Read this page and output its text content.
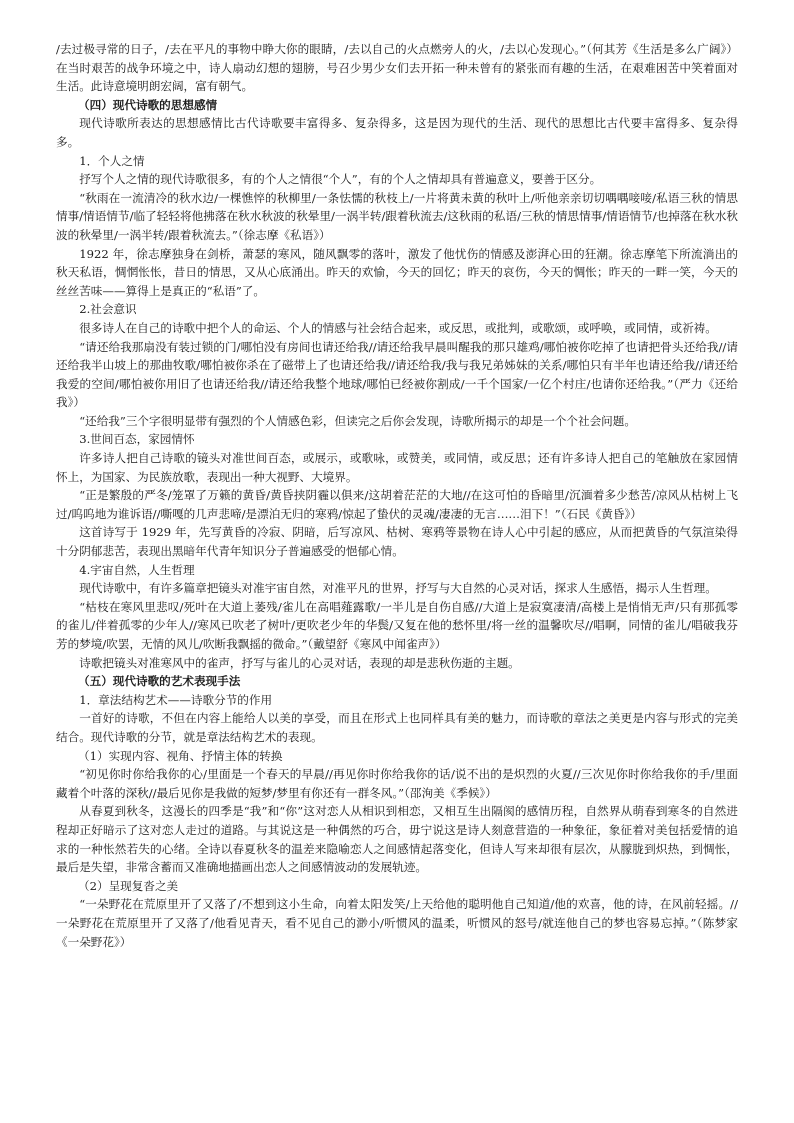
/去过极寻常的日子，/去在平凡的事物中睁大你的眼睛，/去以自己的火点燃旁人的火，/去以心发现心。”（何其芳《生活是多么广阔》）在当时艰苦的战争环境之中，诗人扇动幻想的翅膀，号召少男少女们去开拓一种未曾有的紧张而有趣的生活，在艰难困苦中笑着面对生活。此诗意境明朗宏阔，富有朝气。

（四）现代诗歌的思想感情

现代诗歌所表达的思想感情比古代诗歌要丰富得多、复杂得多，这是因为现代的生活、现代的思想比古代要丰富得多、复杂得多。

1．个人之情

抒写个人之情的现代诗歌很多，有的个人之情很“个人”，有的个人之情却具有普遍意义，要善于区分。

“秋雨在一流清冷的秋水边/一棵憔悴的秋柳里/一条怯懦的秋枝上/一片将黄未黄的秋叶上/听他亲亲切切喁喁唼唼/私语三秋的情思情事/情语情节/临了轻轻将他拂落在秋水秋波的秋晕里/一涡半转/跟着秋流去/这秋雨的私语/三秋的情思情事/情语情节/也掉落在秋水秋波的秋晕里/一涡半转/跟着秋流去。”（徐志摩《私语》）

1922 年，徐志摩独身在剑桥，萧瑟的寒风，随风飘零的落叶，激发了他忧伤的情感及澎湃心田的狂潮。徐志摩笔下所流淌出的秋天私语，惆惘怅怅，昔日的情思，又从心底涌出。昨天的欢愉，今天的回忆；昨天的哀伤，今天的惆怅；昨天的一畔一笑，今天的丝丝苦味——算得上是真正的“私语”了。

2.社会意识

很多诗人在自己的诗歌中把个人的命运、个人的情感与社会结合起来，或反思，或批判，或歌颂，或呼唤，或同情，或祈祷。

“请还给我那扇没有装过锁的门/哪怕没有房间也请还给我//请还给我早晨叫醒我的那只雄鸡/哪怕被你吃掉了也请把骨头还给我//请还给我半山坡上的那曲牧歌/哪怕被你杀在了磁带上了也请还给我//请还给我/我与我兄弟姊妹的关系/哪怕只有半年也请还给我//请还给我爱的空间/哪怕被你用旧了也请还给我//请还给我整个地球/哪怕已经被你割成/一千个国家/一亿个村庄/也请你还给我。”（严力《还给我》）

“还给我”三个字很明显带有强烈的个人情感色彩，但读完之后你会发现，诗歌所揭示的却是一个个社会问题。

3.世间百态，家园情怀

许多诗人把自己诗歌的镜头对准世间百态，或展示，或歌咏，或赞美，或同情，或反思；还有许多诗人把自己的笔触放在家园情怀上，为国家、为民族放歌，表现出一种大视野、大境界。

“正是繁殷的严冬/笼罩了万籁的黄昏/黄昏挟阴霾以俱来/这胡着茫茫的大地//在这可怕的昏暗里/沉湎着多少愁苦/凉风从枯树上飞过/呜呜地为谁诉语//嘶嘎的几声悲啼/是漂泊无归的寒鸦/惊起了蛰伏的灵魂/凄凄的无言……泪下！”（石民《黄昏》）

这首诗写于 1929 年，先写黄昏的冷寂、阴暗，后写凉风、枯树、寒鸦等景物在诗人心中引起的感应，从而把黄昏的气氛渲染得十分阴郁悲苦，表现出黑暗年代青年知识分子普遍感受的悒郁心情。

4.宇宙自然，人生哲理

现代诗歌中，有许多篇章把镜头对准宇宙自然，对准平凡的世界，抒写与大自然的心灵对话，探求人生感悟，揭示人生哲理。

“枯枝在寒风里悲叹/死叶在大道上萎残/雀儿在高唱薤露歌/一半儿是自伤自感//大道上是寂寞凄清/高楼上是悄悄无声/只有那孤零的雀儿/伴着孤零的少年人//寒风已吹老了树叶/更吹老少年的华鬓/又复在他的愁怀里/将一丝的温馨吹尽//唱啊，同情的雀儿/唱破我芬芳的梦境/吹罢，无情的风儿/吹断我飘摇的微命。”（戴望舒《寒风中闻雀声》）

诗歌把镜头对准寒风中的雀声，抒写与雀儿的心灵对话，表现的却是悲秋伤逝的主题。

（五）现代诗歌的艺术表现手法

1．章法结构艺术——诗歌分节的作用

一首好的诗歌，不但在内容上能给人以美的享受，而且在形式上也同样具有美的魅力，而诗歌的章法之美更是内容与形式的完美结合。现代诗歌的分节，就是章法结构艺术的表现。

（1）实现内容、视角、抒情主体的转换

“初见你时你给我你的心/里面是一个春天的早晨//再见你时你给我你的话/说不出的是炽烈的火夏//三次见你时你给我你的手/里面藏着个叶落的深秋//最后见你是我做的短梦/梦里有你还有一群冬风。”（邵洵美《季候》）

从春夏到秋冬，这漫长的四季是“我”和“你”这对恋人从相识到相恋，又相互生出隔阂的感情历程，自然界从萌春到寒冬的自然进程却正好暗示了这对恋人走过的道路。与其说这是一种偶然的巧合，毋宁说这是诗人刻意营造的一种象征，象征着对美包括爱情的追求的一种怅然若失的心绪。全诗以春夏秋冬的温差来隐喻恋人之间感情起落变化，但诗人写来却很有层次，从朦胧到炽热，到惆怅，最后是失望，非常含蓄而又准确地描画出恋人之间感情波动的发展轨迹。

（2）呈现复沓之美

“一朵野花在荒原里开了又落了/不想到这小生命，向着太阳发笑/上天给他的聪明他自己知道/他的欢喜，他的诗，在风前轻摇。//一朵野花在荒原里开了又落了/他看见青天，看不见自己的渺小/听惯风的温柔，听惯风的怒号/就连他自己的梦也容易忘掉。”（陈梦家《一朵野花》）
